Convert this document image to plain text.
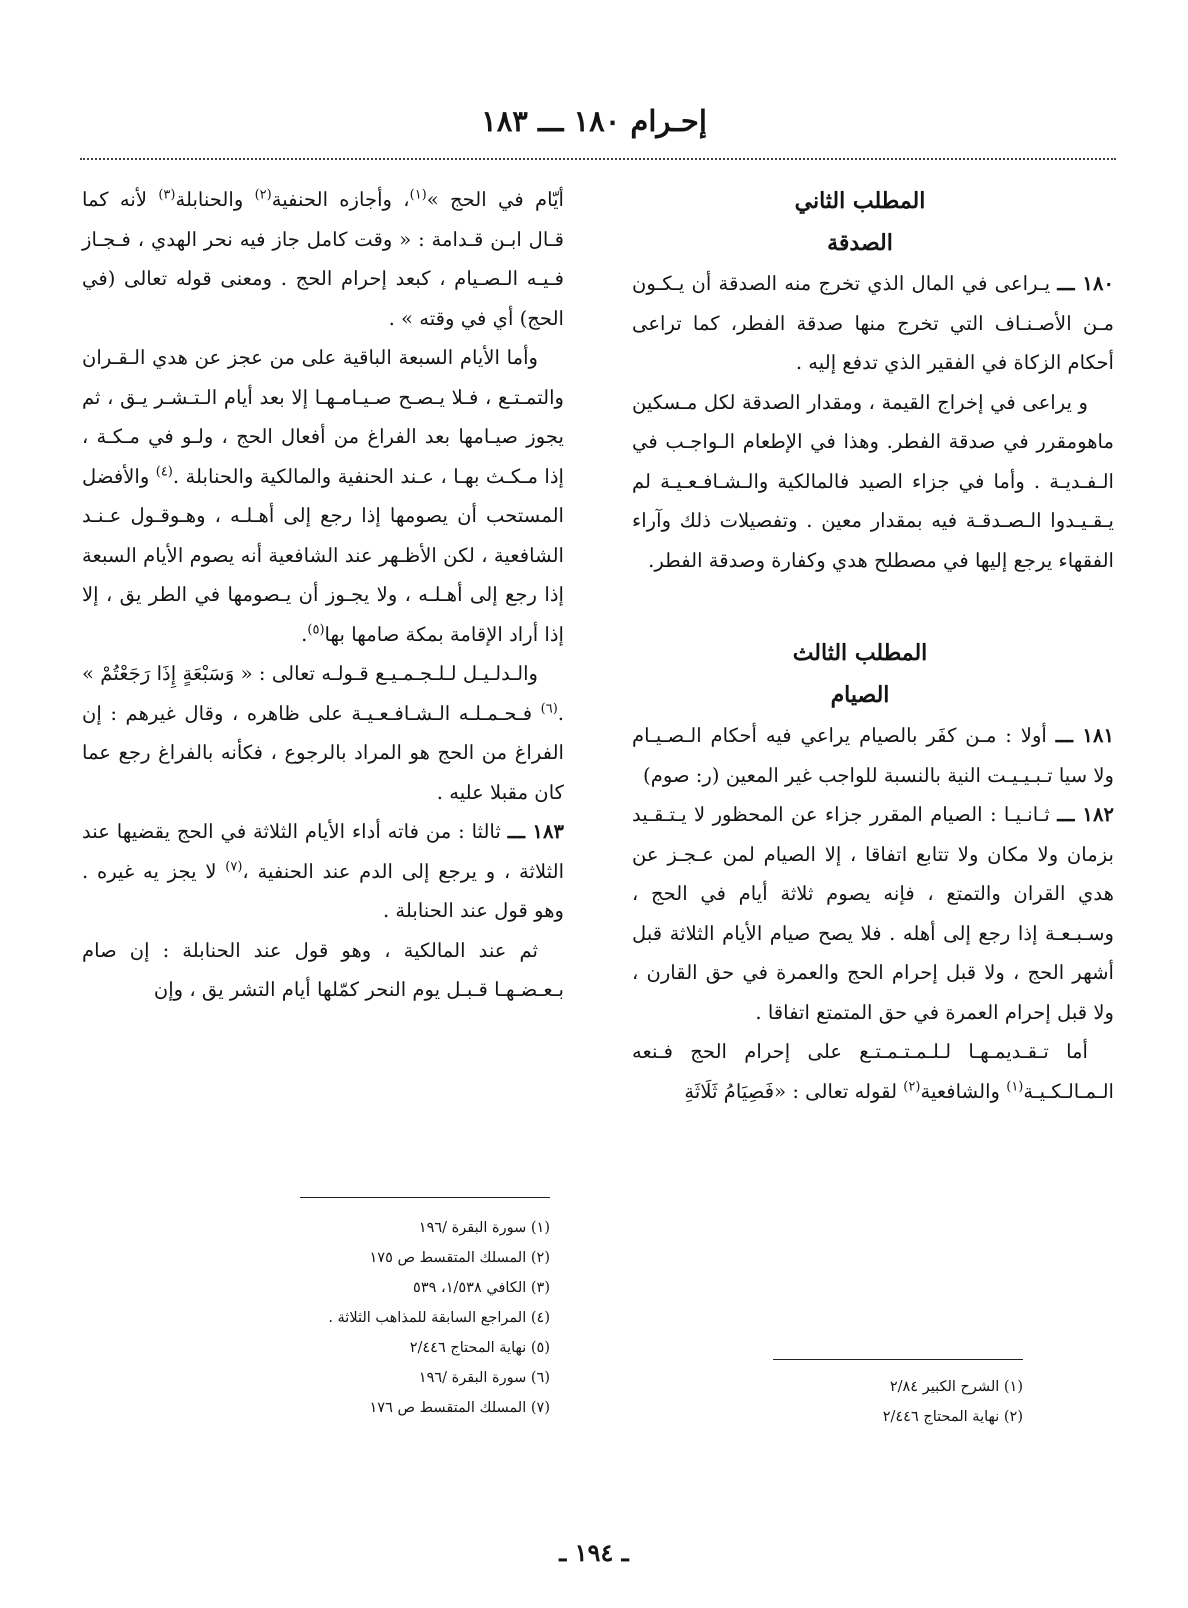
إحـرام ١٨٠ ـــ ١٨٣

المطلب الثاني

الصدقة

١٨٠ ـــ يـراعى في المال الذي تخرج منه الصدقة أن يـكـون مـن الأصـنـاف التي تخرج منها صدقة الفطر، كما تراعى أحكام الزكاة في الفقير الذي تدفع إليه .

و يراعى في إخراج القيمة ، ومقدار الصدقة لكل مـسكين ماهومقرر في صدقة الفطر. وهذا في الإطعام الـواجـب في الـفـديـة . وأما في جزاء الصيد فالمالكية والـشـافـعـيـة لم يـقـيـدوا الـصـدقـة فيه بمقدار معين . وتفصيلات ذلك وآراء الفقهاء يرجع إليها في مصطلح هدي وكفارة وصدقة الفطر.

المطلب الثالث

الصيام

١٨١ ـــ أولا : مـن كفَر بالصيام يراعي فيه أحكام الـصـيـام ولا سيا تـبـيـيـت النية بالنسبة للواجب غير المعين (ر: صوم)

١٨٢ ـــ ثـانـيـا : الصيام المقرر جزاء عن المحظور لا يـتـقـيد بزمان ولا مكان ولا تتابع اتفاقا ، إلا الصيام لمن عـجـز عن هدي القران والتمتع ، فإنه يصوم ثلاثة أيام في الحج ، وسـبـعـة إذا رجع إلى أهله . فلا يصح صيام الأيام الثلاثة قبل أشهر الحج ، ولا قبل إحرام الحج والعمرة في حق القارن ، ولا قبل إحرام العمرة في حق المتمتع اتفاقا .

أما تـقـديمـهـا لـلـمـتـمـتـع على إحرام الحج فـنعه الـمـالـكـيـة$^{(١)}$ والشافعية$^{(٢)}$ لقوله تعالى : «فَصِيَامُ ثَلَاثَةِ

أيّام في الحج »$^{(١)}$، وأجازه الحنفية$^{(٢)}$ والحنابلة$^{(٣)}$ لأنه كما قـال ابـن قـدامة : « وقت كامل جاز فيه نحر الهدي ، فـجـاز فـيـه الـصـيام ، كبعد إحرام الحج . ومعنى قوله تعالى (في الحج) أي في وقته » .

وأما الأيام السبعة الباقية على من عجز عن هدي الـقـران والتمـتـع ، فـلا يـصـح صـيـامـهـا إلا بعد أيام الـتـشـر يـق ، ثم يجوز صيـامها بعد الفراغ من أفعال الحج ، ولـو في مـكـة ، إذا مـكـث بهـا ، عـند الحنفية والمالكية والحنابلة .$^{(٤)}$ والأفضل المستحب أن يصومها إذا رجع إلى أهـلـه ، وهـوقـول عـنـد الشافعية ، لكن الأظـهر عند الشافعية أنه يصوم الأيام السبعة إذا رجع إلى أهـلـه ، ولا يجـوز أن يـصومها في الطر يق ، إلا إذا أراد الإقامة بمكة صامها بها$^{(٥)}$.

والـدلـيـل لـلـجـمـيـع قـولـه تعالى : « وَسَبْعَةٍ إِذَا رَجَعْتُمْ » .$^{(٦)}$ فـحـمـلـه الـشـافـعـيـة على ظاهره ، وقال غيرهم : إن الفراغ من الحج هو المراد بالرجوع ، فكأنه بالفراغ رجع عما كان مقبلا عليه .

١٨٣ ـــ ثالثا : من فاته أداء الأيام الثلاثة في الحج يقضيها عند الثلاثة ، و يرجع إلى الدم عند الحنفية ،$^{(٧)}$ لا يجز يه غيره . وهو قول عند الحنابلة .

ثم عند المالكية ، وهو قول عند الحنابلة : إن صام بـعـضـهـا قـبـل يوم النحر كمّلها أيام التشر يق ، وإن

(١) سورة البقرة /١٩٦
(٢) المسلك المتقسط ص ١٧٥
(٣) الكافي ١/٥٣٨، ٥٣٩
(٤) المراجع السابقة للمذاهب الثلاثة .
(٥) نهاية المحتاج ٢/٤٤٦
(٦) سورة البقرة /١٩٦
(٧) المسلك المتقسط ص ١٧٦
(١) الشرح الكبير ٢/٨٤
(٢) نهاية المحتاج ٢/٤٤٦
ـ ١٩٤ ـ
